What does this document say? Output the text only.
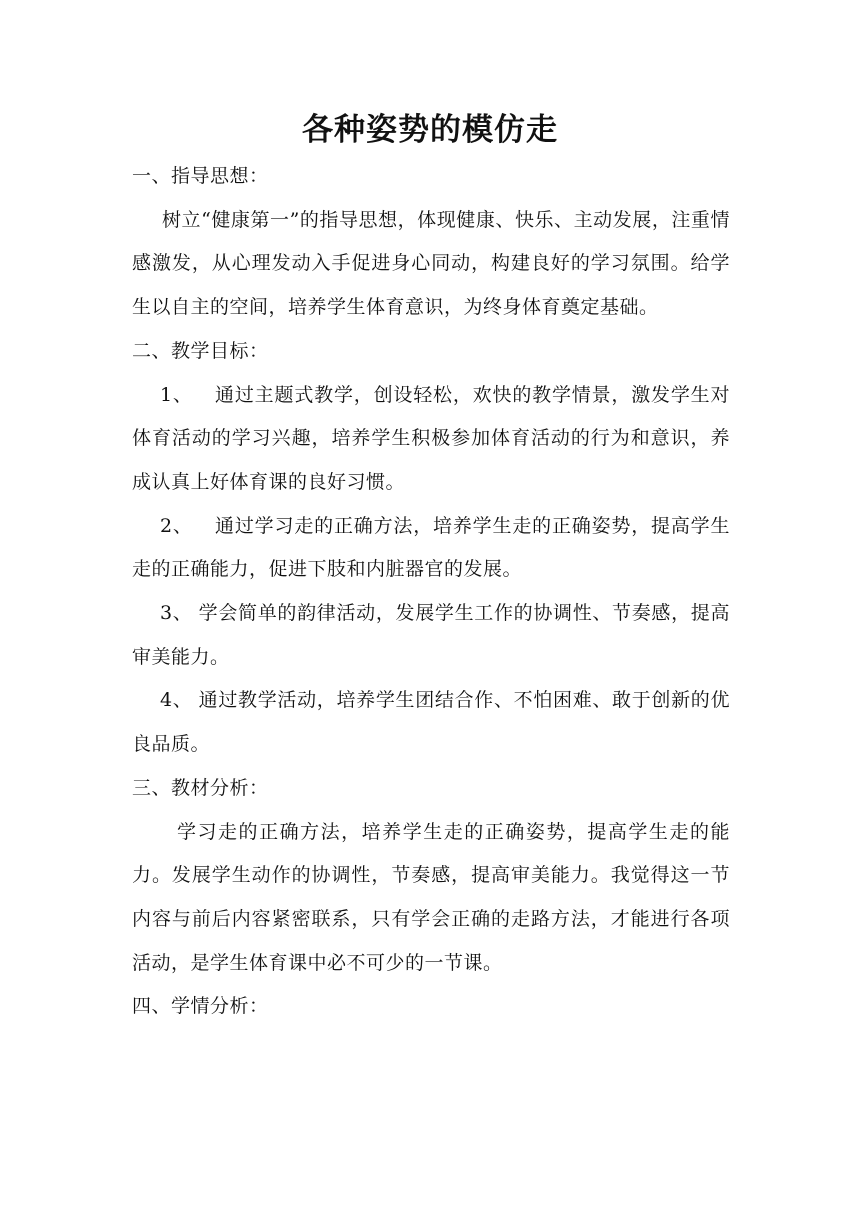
各种姿势的模仿走

一、指导思想：

树立“健康第一”的指导思想，体现健康、快乐、主动发展，注重情感激发，从心理发动入手促进身心同动，构建良好的学习氛围。给学生以自主的空间，培养学生体育意识，为终身体育奠定基础。

二、教学目标：

1、 通过主题式教学，创设轻松，欢快的教学情景，激发学生对体育活动的学习兴趣，培养学生积极参加体育活动的行为和意识，养成认真上好体育课的良好习惯。

2、 通过学习走的正确方法，培养学生走的正确姿势，提高学生走的正确能力，促进下肢和内脏器官的发展。

3、 学会简单的韵律活动，发展学生工作的协调性、节奏感，提高审美能力。

4、 通过教学活动，培养学生团结合作、不怕困难、敢于创新的优良品质。

三、教材分析：

学习走的正确方法，培养学生走的正确姿势，提高学生走的能力。发展学生动作的协调性，节奏感，提高审美能力。我觉得这一节内容与前后内容紧密联系，只有学会正确的走路方法，才能进行各项活动，是学生体育课中必不可少的一节课。

四、学情分析：
